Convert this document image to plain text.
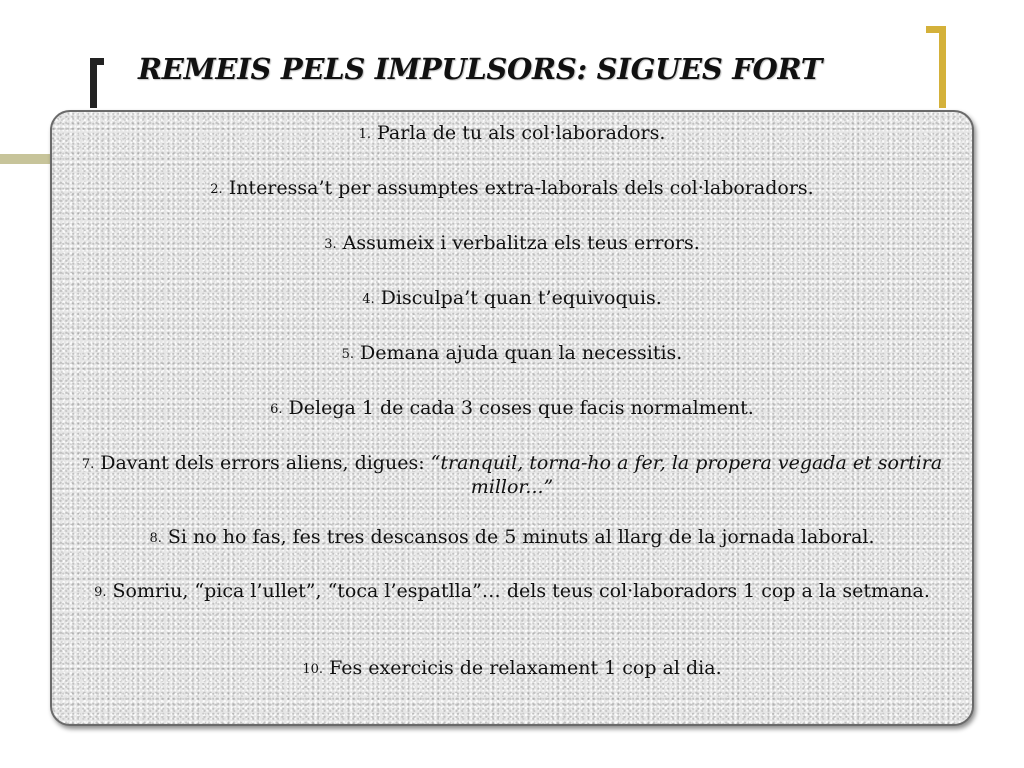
REMEIS PELS IMPULSORS: SIGUES FORT
1. Parla de tu als col·laboradors.
2. Interessa’t per assumptes extra-laborals dels col·laboradors.
3. Assumeix i verbalitza els teus errors.
4. Disculpa’t quan t’equivoquis.
5. Demana ajuda quan la necessitis.
6. Delega 1 de cada 3 coses que facis normalment.
7. Davant dels errors aliens, digues: “tranquil, torna-ho a fer, la propera vegada et sortira millor...”
8. Si no ho fas, fes tres descansos de 5 minuts al llarg de la jornada laboral.
9. Somriu, “pica l’ullet”, “toca l’espatlla”… dels teus col·laboradors 1 cop a la setmana.
10. Fes exercicis de relaxament 1 cop al dia.
